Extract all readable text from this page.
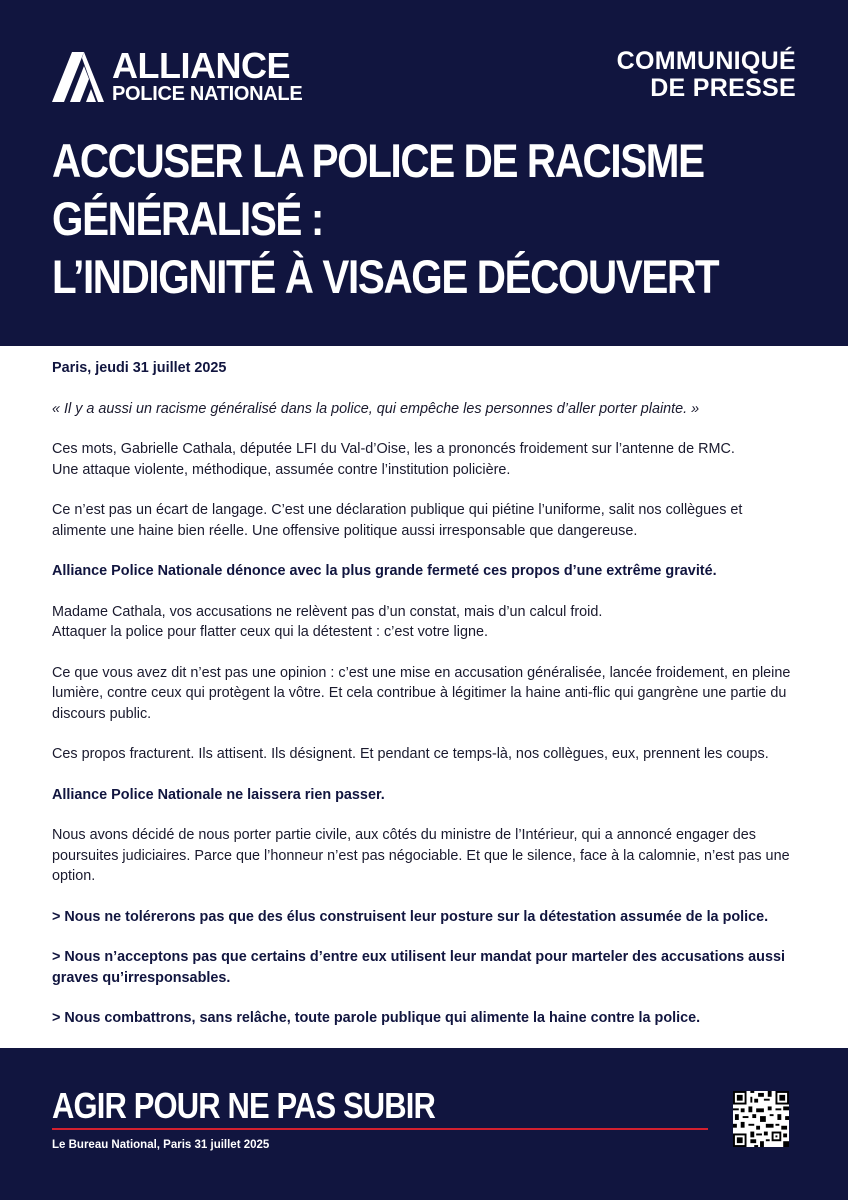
ALLIANCE
POLICE NATIONALE
COMMUNIQUÉ
DE PRESSE
ACCUSER LA POLICE DE RACISME
GÉNÉRALISÉ :
L’INDIGNITÉ À VISAGE DÉCOUVERT

Paris, jeudi 31 juillet 2025

« Il y a aussi un racisme généralisé dans la police, qui empêche les personnes d’aller porter plainte. »

Ces mots, Gabrielle Cathala, députée LFI du Val-d’Oise, les a prononcés froidement sur l’antenne de RMC.
Une attaque violente, méthodique, assumée contre l’institution policière.

Ce n’est pas un écart de langage. C’est une déclaration publique qui piétine l’uniforme, salit nos collègues et alimente une haine bien réelle. Une offensive politique aussi irresponsable que dangereuse.

Alliance Police Nationale dénonce avec la plus grande fermeté ces propos d’une extrême gravité.

Madame Cathala, vos accusations ne relèvent pas d’un constat, mais d’un calcul froid.
Attaquer la police pour flatter ceux qui la détestent : c’est votre ligne.

Ce que vous avez dit n’est pas une opinion : c’est une mise en accusation généralisée, lancée froidement, en pleine lumière, contre ceux qui protègent la vôtre. Et cela contribue à légitimer la haine anti-flic qui gangrène une partie du discours public.

Ces propos fracturent. Ils attisent. Ils désignent. Et pendant ce temps-là, nos collègues, eux, prennent les coups.

Alliance Police Nationale ne laissera rien passer.

Nous avons décidé de nous porter partie civile, aux côtés du ministre de l’Intérieur, qui a annoncé engager des poursuites judiciaires. Parce que l’honneur n’est pas négociable. Et que le silence, face à la calomnie, n’est pas une option.

> Nous ne tolérerons pas que des élus construisent leur posture sur la détestation assumée de la police.

> Nous n’acceptons pas que certains d’entre eux utilisent leur mandat pour marteler des accusations aussi graves qu’irresponsables.

> Nous combattrons, sans relâche, toute parole publique qui alimente la haine contre la police.

AGIR POUR NE PAS SUBIR
Le Bureau National, Paris 31 juillet 2025
